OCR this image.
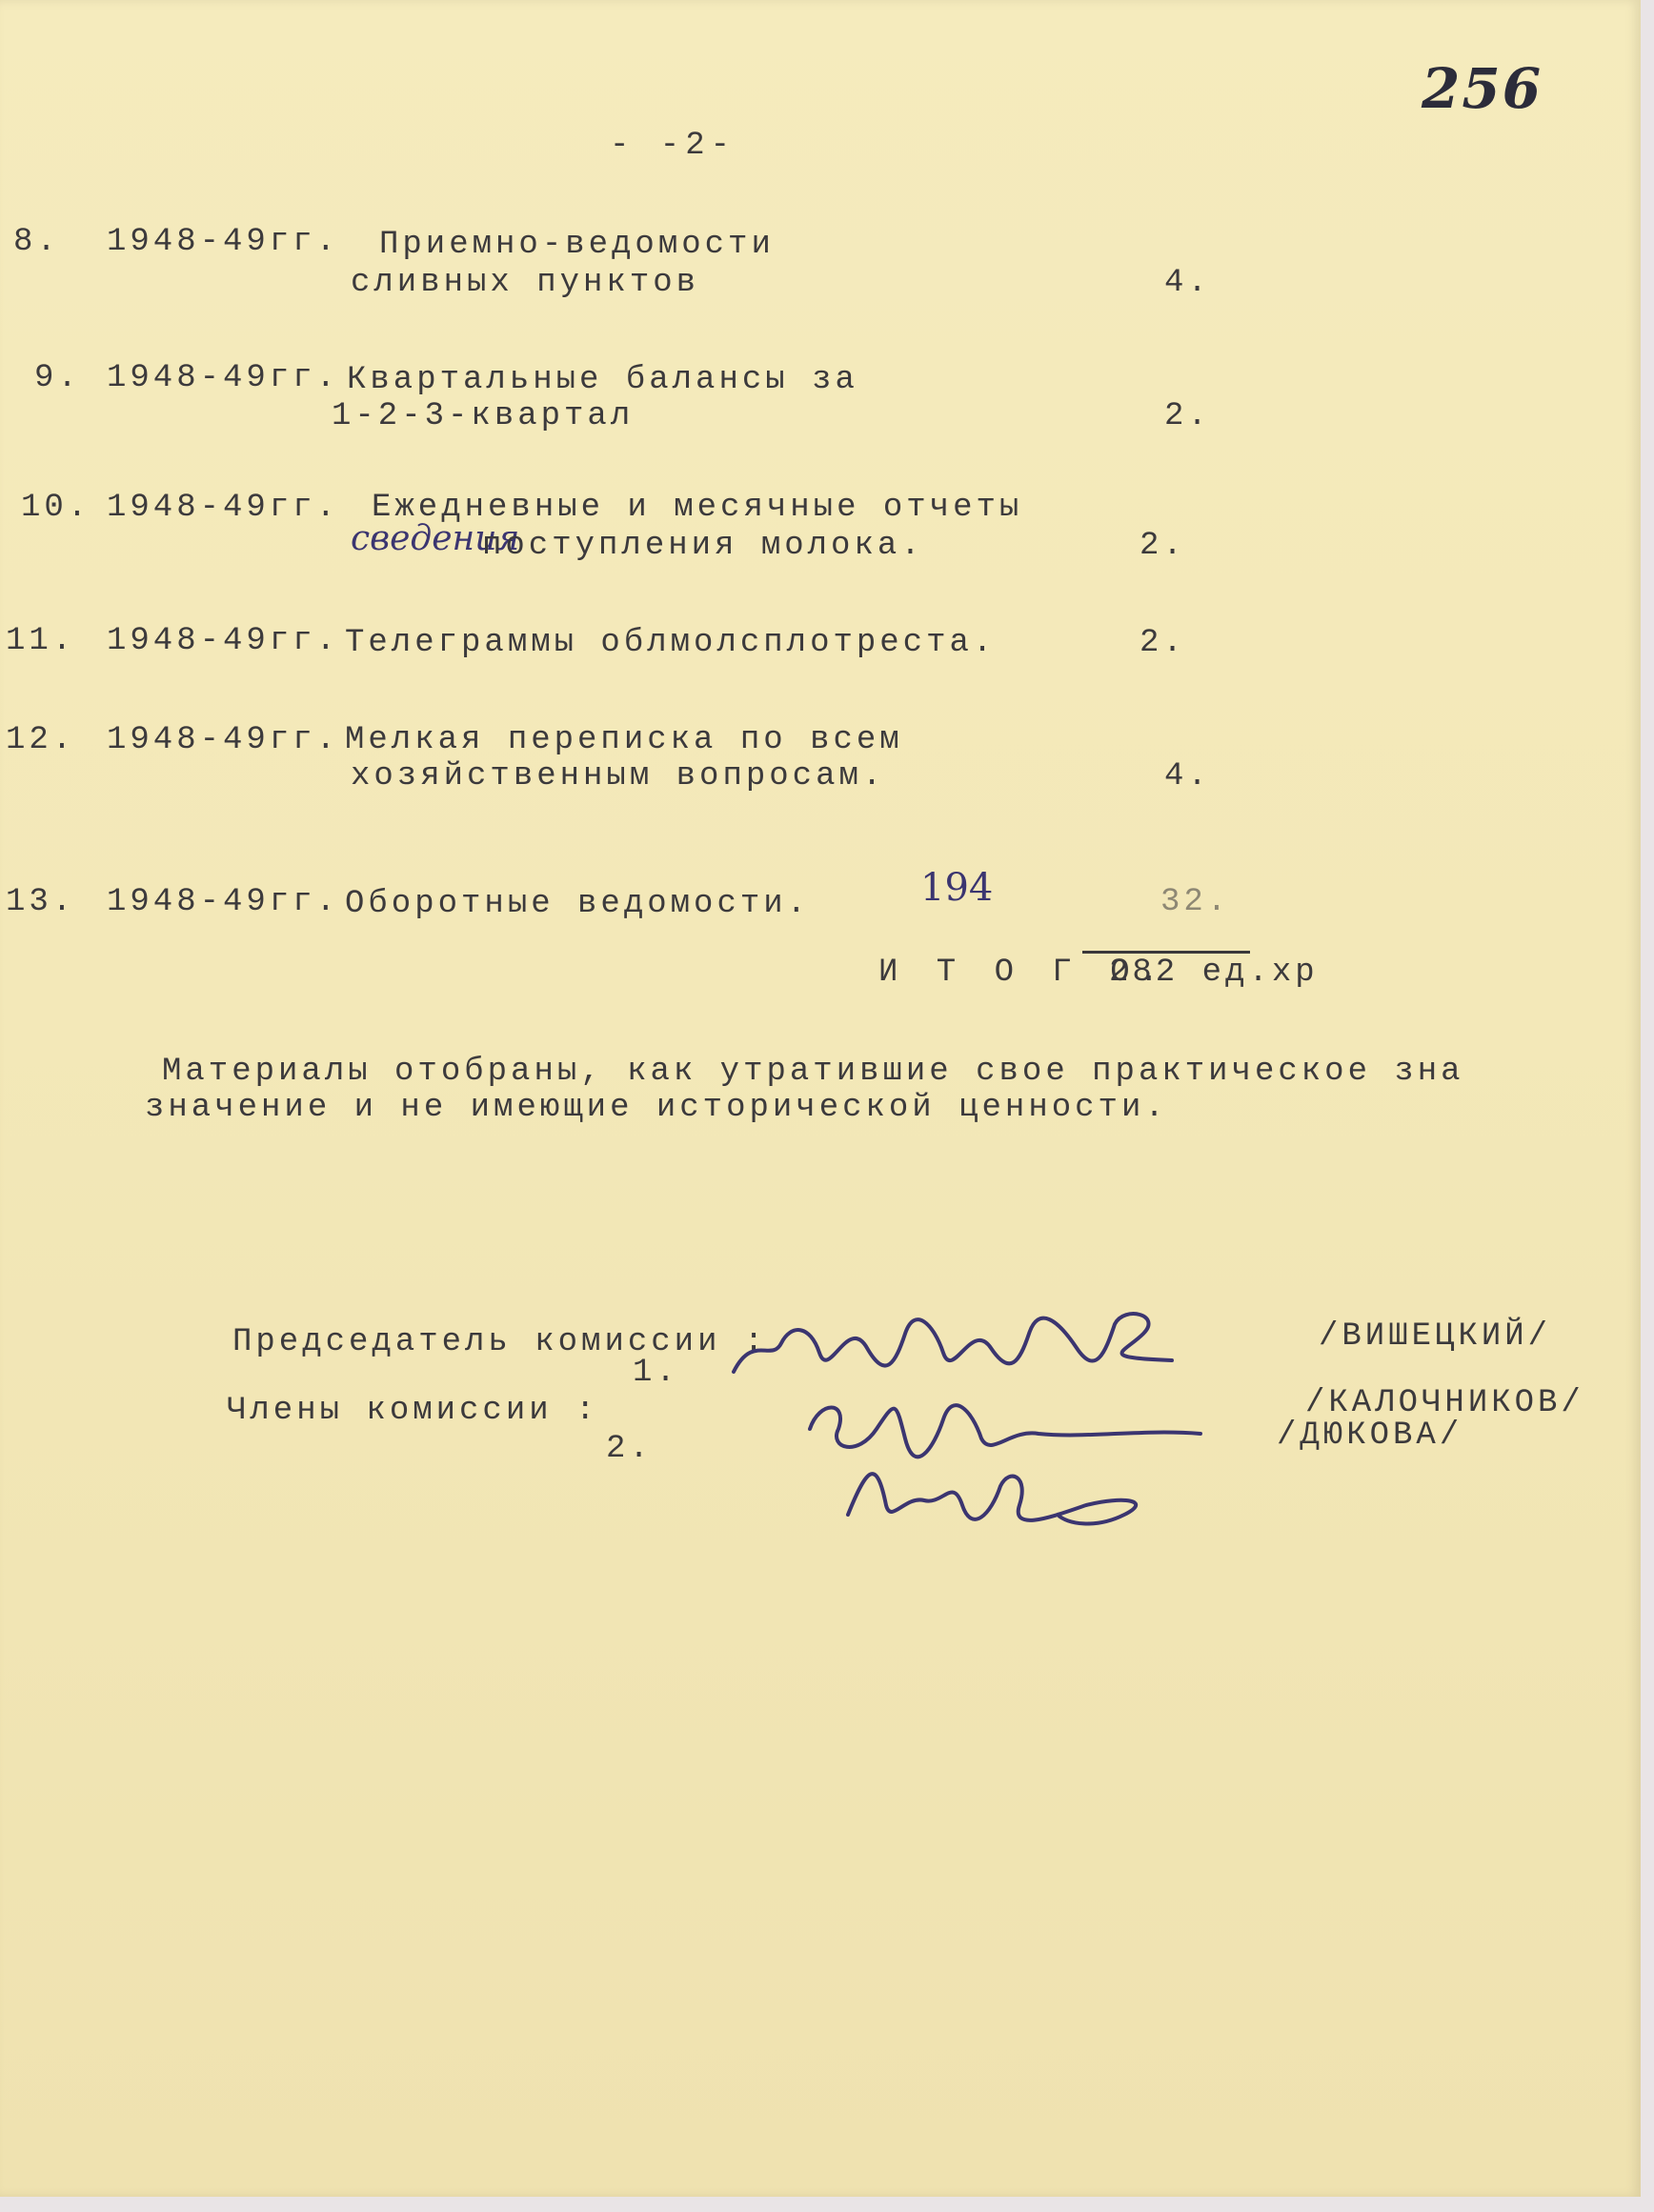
256
- -2-
8. 1948-49гг. Приемно-ведомости
сливных пунктов	4.
9. 1948-49гг. Квартальные балансы за
1-2-3-квартал	2.
10. 1948-49гг. Ежедневные и месячные отчеты
сведения
поступления молока.	2.
11. 1948-49гг. Телеграммы облмолсплотреста.	2.
12. 1948-49гг. Мелкая переписка по всем
хозяйственным вопросам.	4.
13. 1948-49гг. Оборотные ведомости.	194	32.
И Т О Г О.
282 ед.хр
Материалы отобраны, как утратившие свое практическое зна
значение и не имеющие исторической ценности.
Председатель комиссии :
1.
/ВИШЕЦКИЙ/
Члены комиссии :	/КАЛОЧНИКОВ/
2.	/ДЮКОВА/
